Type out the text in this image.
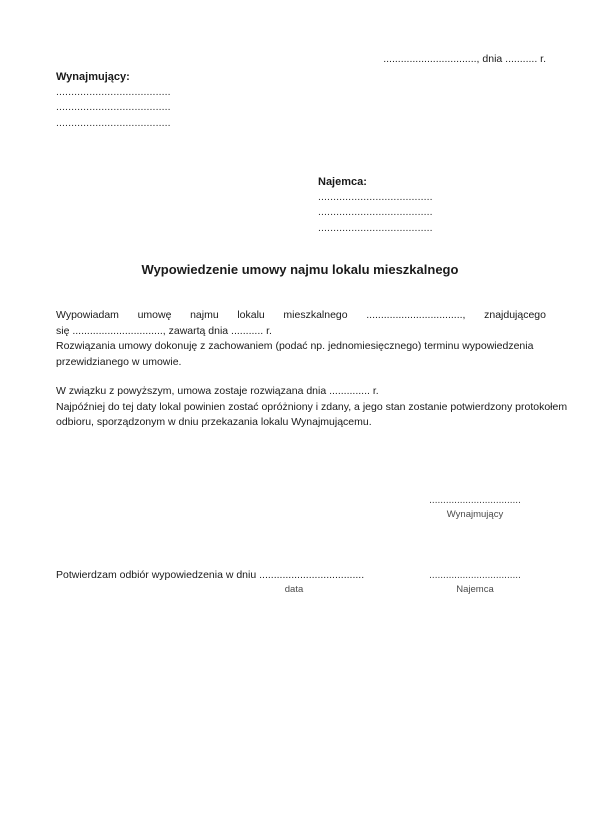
................................, dnia ........... r.
Wynajmujący:
......................................
......................................
......................................
Najemca:
......................................
......................................
......................................
Wypowiedzenie umowy najmu lokalu mieszkalnego
Wypowiadam umowę najmu lokalu mieszkalnego ................................., znajdującego
się ..............................., zawartą dnia ........... r.
Rozwiązania umowy dokonuję z zachowaniem (podać np. jednomiesięcznego) terminu wypowiedzenia
przewidzianego w umowie.
W związku z powyższym, umowa zostaje rozwiązana dnia .............. r.
Najpóźniej do tej daty lokal powinien zostać opróżniony i zdany, a jego stan zostanie potwierdzony protokołem
odbioru, sporządzonym w dniu przekazania lokalu Wynajmującemu.
.................................
Wynajmujący
Potwierdzam odbiór wypowiedzenia w dniu ....................................
data
.................................
Najemca
